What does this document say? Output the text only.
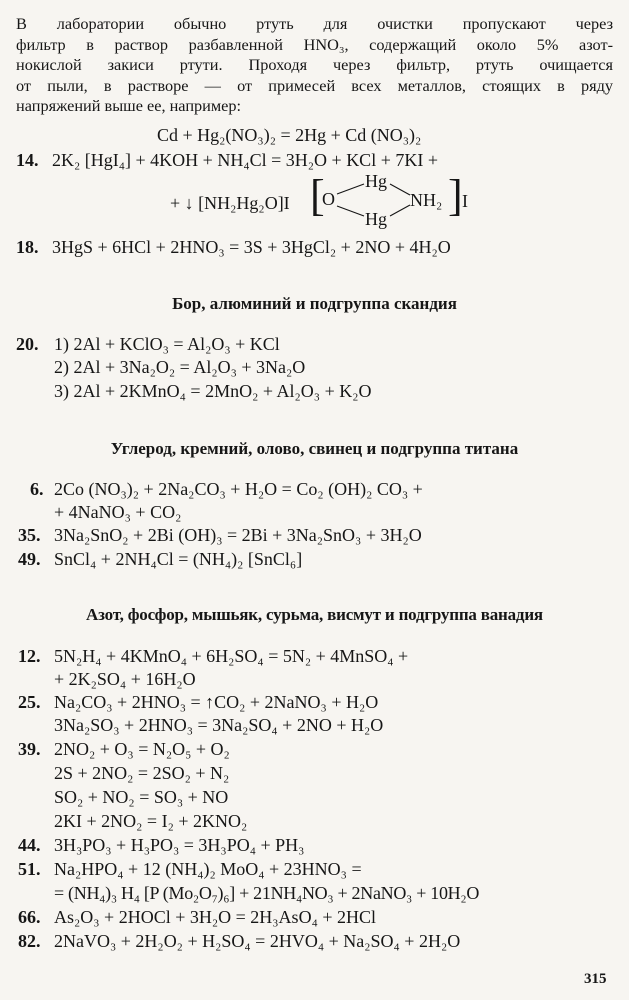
В лаборатории обычно ртуть для очистки пропускают через
фильтр в раствор разбавленной HNO₃, содержащий около 5% азот-
нокислой закиси ртути. Проходя через фильтр, ртуть очищается
от пыли, в растворе — от примесей всех металлов, стоящих в ряду
напряжений выше ее, например:
Cd + Hg₂(NO₃)₂ = 2Hg + Cd (NO₃)₂
14. 2K₂ [HgI₄] + 4KOH + NH₄Cl = 3H₂O + KCl + 7KI +
+ ↓ [NH₂Hg₂O]I [
O
Hg
Hg
NH₂ ] I
18. 3HgS + 6HCl + 2HNO₃ = 3S + 3HgCl₂ + 2NO + 4H₂O
Бор, алюминий и подгруппа скандия
20. 1) 2Al + KClO₃ = Al₂O₃ + KCl
2) 2Al + 3Na₂O₂ = Al₂O₃ + 3Na₂O
3) 2Al + 2KMnO₄ = 2MnO₂ + Al₂O₃ + K₂O
Углерод, кремний, олово, свинец и подгруппа титана
6. 2Co (NO₃)₂ + 2Na₂CO₃ + H₂O = Co₂ (OH)₂ CO₃ +
+ 4NaNO₃ + CO₂
35. 3Na₂SnO₂ + 2Bi (OH)₃ = 2Bi + 3Na₂SnO₃ + 3H₂O
49. SnCl₄ + 2NH₄Cl = (NH₄)₂ [SnCl₆]
Азот, фосфор, мышьяк, сурьма, висмут и подгруппа ванадия
12. 5N₂H₄ + 4KMnO₄ + 6H₂SO₄ = 5N₂ + 4MnSO₄ +
+ 2K₂SO₄ + 16H₂O
25. Na₂CO₃ + 2HNO₃ = ↑CO₂ + 2NaNO₃ + H₂O
3Na₂SO₃ + 2HNO₃ = 3Na₂SO₄ + 2NO + H₂O
39. 2NO₂ + O₃ = N₂O₅ + O₂
2S + 2NO₂ = 2SO₂ + N₂
SO₂ + NO₂ = SO₃ + NO
2KI + 2NO₂ = I₂ + 2KNO₂
44. 3H₃PO₃ + H₃PO₃ = 3H₃PO₄ + PH₃
51. Na₂HPO₄ + 12 (NH₄)₂ MoO₄ + 23HNO₃ =
= (NH₄)₃ H₄ [P (Mo₂O₇)₆] + 21NH₄NO₃ + 2NaNO₃ + 10H₂O
66. As₂O₃ + 2HOCl + 3H₂O = 2H₃AsO₄ + 2HCl
82. 2NaVO₃ + 2H₂O₂ + H₂SO₄ = 2HVO₄ + Na₂SO₄ + 2H₂O
315
